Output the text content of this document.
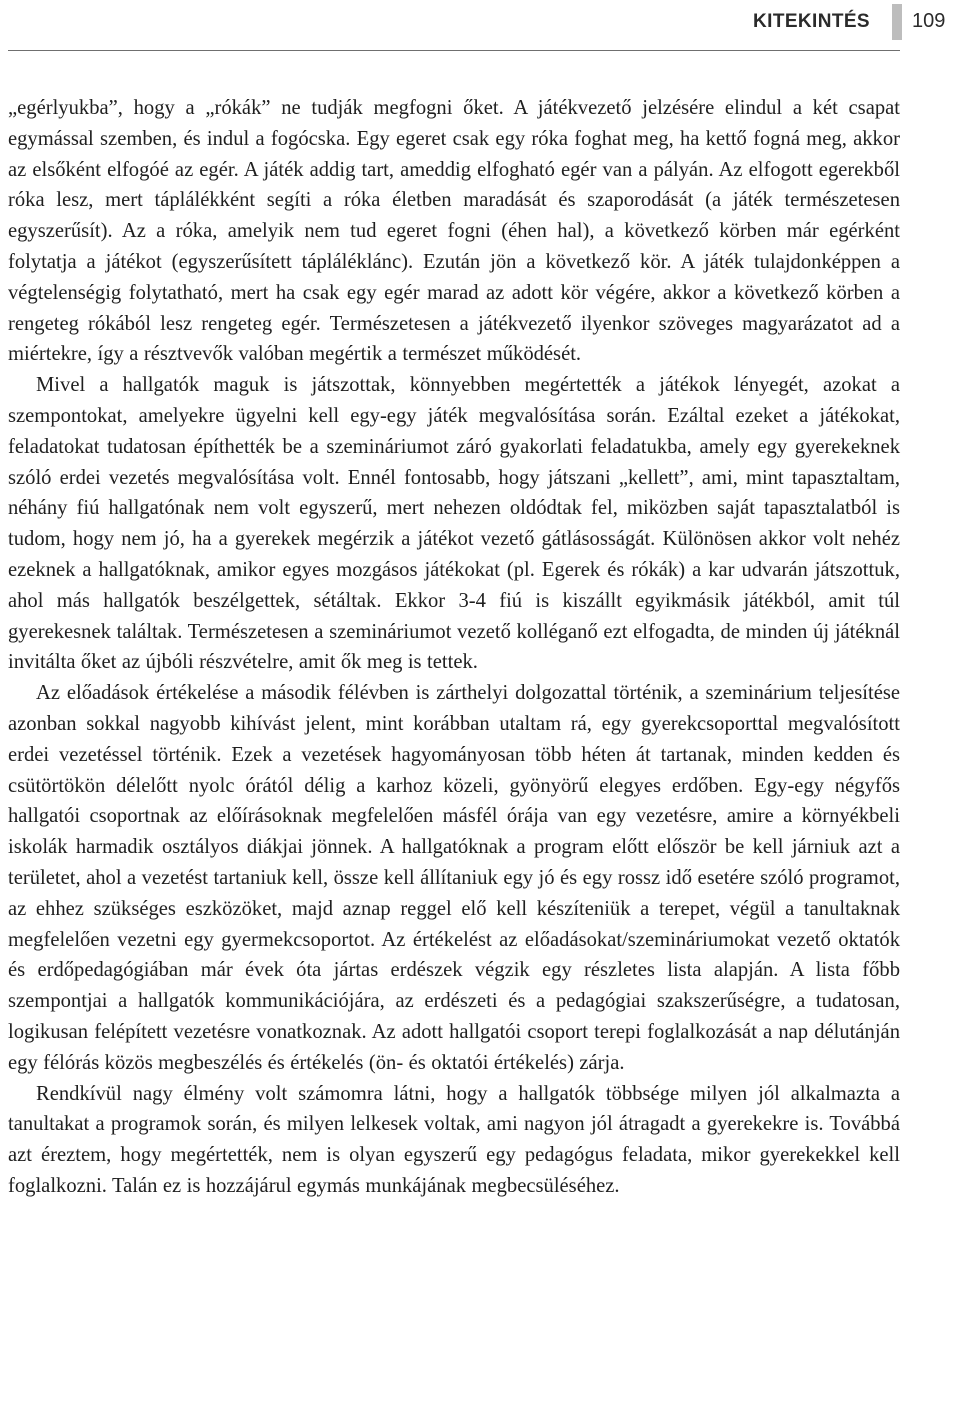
KITEKINTÉS 109

„egérlyukba”, hogy a „rókák” ne tudják megfogni őket. A játékvezető jelzésére elindul a két csapat egymással szemben, és indul a fogócska. Egy egeret csak egy róka foghat meg, ha kettő fogná meg, akkor az elsőként elfogóé az egér. A játék addig tart, ameddig elfogható egér van a pályán. Az elfogott egerekből róka lesz, mert táplálékként segíti a róka életben maradását és szaporodását (a játék természetesen egyszerűsít). Az a róka, amelyik nem tud egeret fogni (éhen hal), a következő körben már egérként folytatja a játékot (egyszerűsített tápláléklánc). Ezután jön a következő kör. A játék tulajdonképpen a végtelenségig folytatható, mert ha csak egy egér marad az adott kör végére, akkor a következő körben a rengeteg rókából lesz rengeteg egér. Természetesen a játékvezető ilyenkor szöveges magyarázatot ad a miértekre, így a résztvevők valóban megértik a természet működését.

Mivel a hallgatók maguk is játszottak, könnyebben megértették a játékok lényegét, azokat a szempontokat, amelyekre ügyelni kell egy-egy játék megvalósítása során. Ezáltal ezeket a játékokat, feladatokat tudatosan építhették be a szemináriumot záró gyakorlati feladatukba, amely egy gyerekeknek szóló erdei vezetés megvalósítása volt. Ennél fontosabb, hogy játszani „kellett”, ami, mint tapasztaltam, néhány fiú hallgatónak nem volt egyszerű, mert nehezen oldódtak fel, miközben saját tapasztalatból is tudom, hogy nem jó, ha a gyerekek megérzik a játékot vezető gátlásosságát. Különösen akkor volt nehéz ezeknek a hallgatóknak, amikor egyes mozgásos játékokat (pl. Egerek és rókák) a kar udvarán játszottuk, ahol más hallgatók beszélgettek, sétáltak. Ekkor 3-4 fiú is kiszállt egyikmásik játékból, amit túl gyerekesnek találtak. Természetesen a szemináriumot vezető kolléganő ezt elfogadta, de minden új játéknál invitálta őket az újbóli részvételre, amit ők meg is tettek.

Az előadások értékelése a második félévben is zárthelyi dolgozattal történik, a szeminárium teljesítése azonban sokkal nagyobb kihívást jelent, mint korábban utaltam rá, egy gyerekcsoporttal megvalósított erdei vezetéssel történik. Ezek a vezetések hagyományosan több héten át tartanak, minden kedden és csütörtökön délelőtt nyolc órától délig a karhoz közeli, gyönyörű elegyes erdőben. Egy-egy négyfős hallgatói csoportnak az előírásoknak megfelelően másfél órája van egy vezetésre, amire a környékbeli iskolák harmadik osztályos diákjai jönnek. A hallgatóknak a program előtt először be kell járniuk azt a területet, ahol a vezetést tartaniuk kell, össze kell állítaniuk egy jó és egy rossz idő esetére szóló programot, az ehhez szükséges eszközöket, majd aznap reggel elő kell készíteniük a terepet, végül a tanultaknak megfelelően vezetni egy gyermekcsoportot. Az értékelést az előadásokat/szemináriumokat vezető oktatók és erdőpedagógiában már évek óta jártas erdészek végzik egy részletes lista alapján. A lista főbb szempontjai a hallgatók kommunikációjára, az erdészeti és a pedagógiai szakszerűségre, a tudatosan, logikusan felépített vezetésre vonatkoznak. Az adott hallgatói csoport terepi foglalkozását a nap délutánján egy félórás közös megbeszélés és értékelés (ön- és oktatói értékelés) zárja.

Rendkívül nagy élmény volt számomra látni, hogy a hallgatók többsége milyen jól alkalmazta a tanultakat a programok során, és milyen lelkesek voltak, ami nagyon jól átragadt a gyerekekre is. Továbbá azt éreztem, hogy megértették, nem is olyan egyszerű egy pedagógus feladata, mikor gyerekekkel kell foglalkozni. Talán ez is hozzájárul egymás munkájának megbecsüléséhez.
